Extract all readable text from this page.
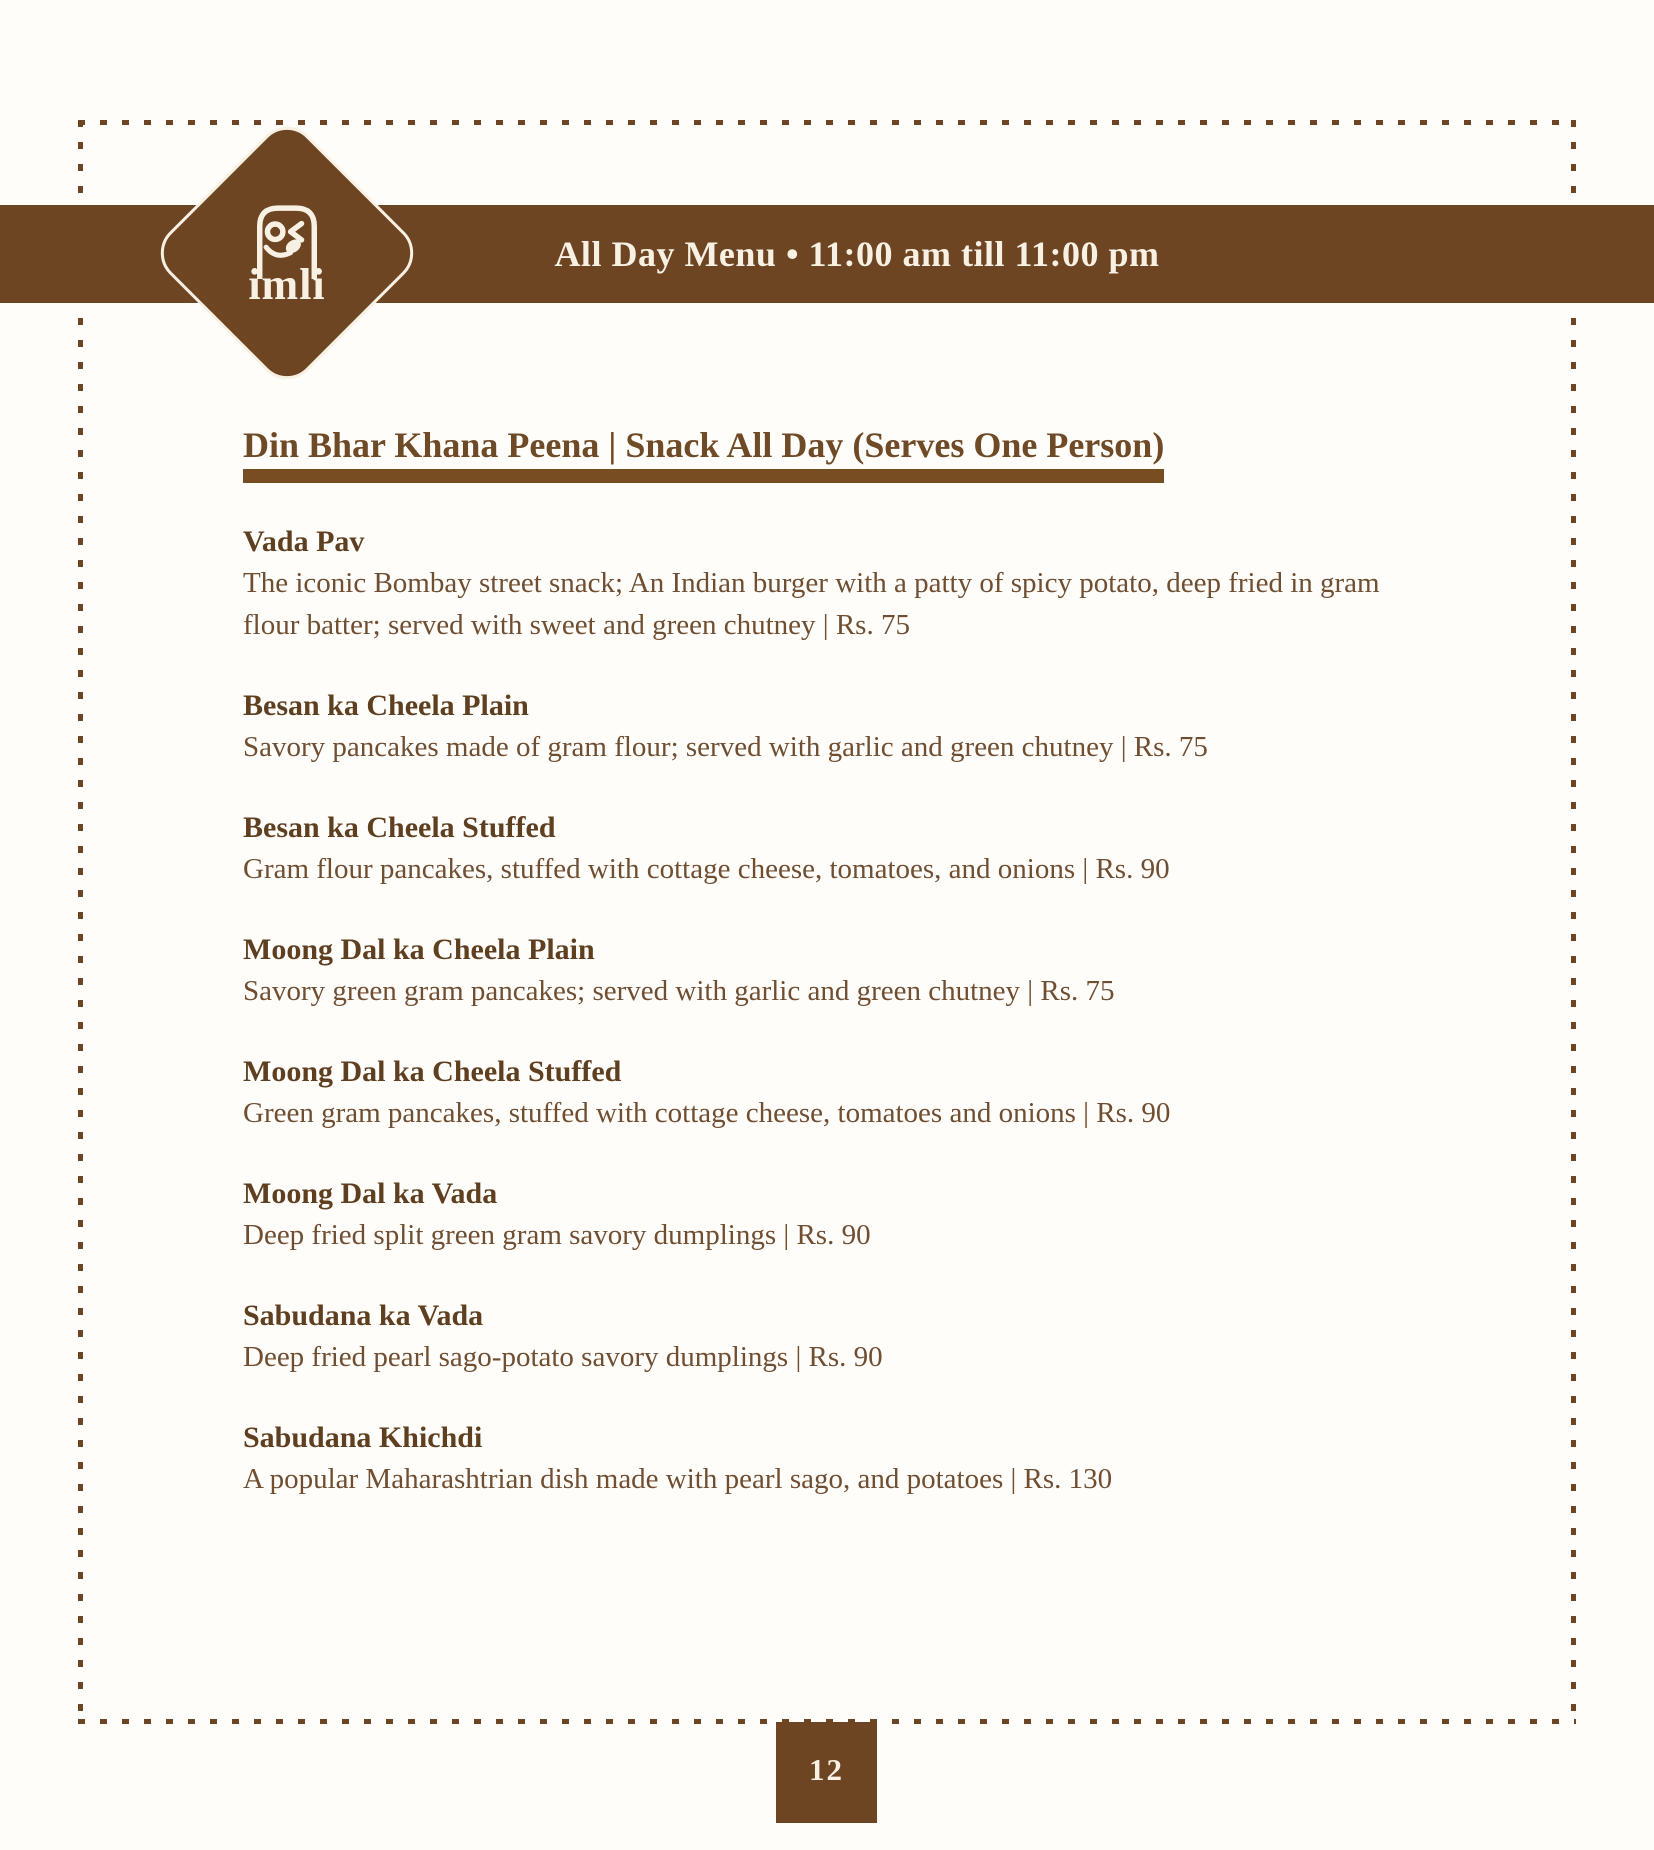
All Day Menu • 11:00 am till 11:00 pm
imli
Din Bhar Khana Peena | Snack All Day (Serves One Person)
Vada Pav
The iconic Bombay street snack; An Indian burger with a patty of spicy potato, deep fried in gram flour batter; served with sweet and green chutney | Rs. 75
Besan ka Cheela Plain
Savory pancakes made of gram flour; served with garlic and green chutney | Rs. 75
Besan ka Cheela Stuffed
Gram flour pancakes, stuffed with cottage cheese, tomatoes, and onions | Rs. 90
Moong Dal ka Cheela Plain
Savory green gram pancakes; served with garlic and green chutney | Rs. 75
Moong Dal ka Cheela Stuffed
Green gram pancakes, stuffed with cottage cheese, tomatoes and onions | Rs. 90
Moong Dal ka Vada
Deep fried split green gram savory dumplings | Rs. 90
Sabudana ka Vada
Deep fried pearl sago-potato savory dumplings | Rs. 90
Sabudana Khichdi
A popular Maharashtrian dish made with pearl sago, and potatoes | Rs. 130
12
